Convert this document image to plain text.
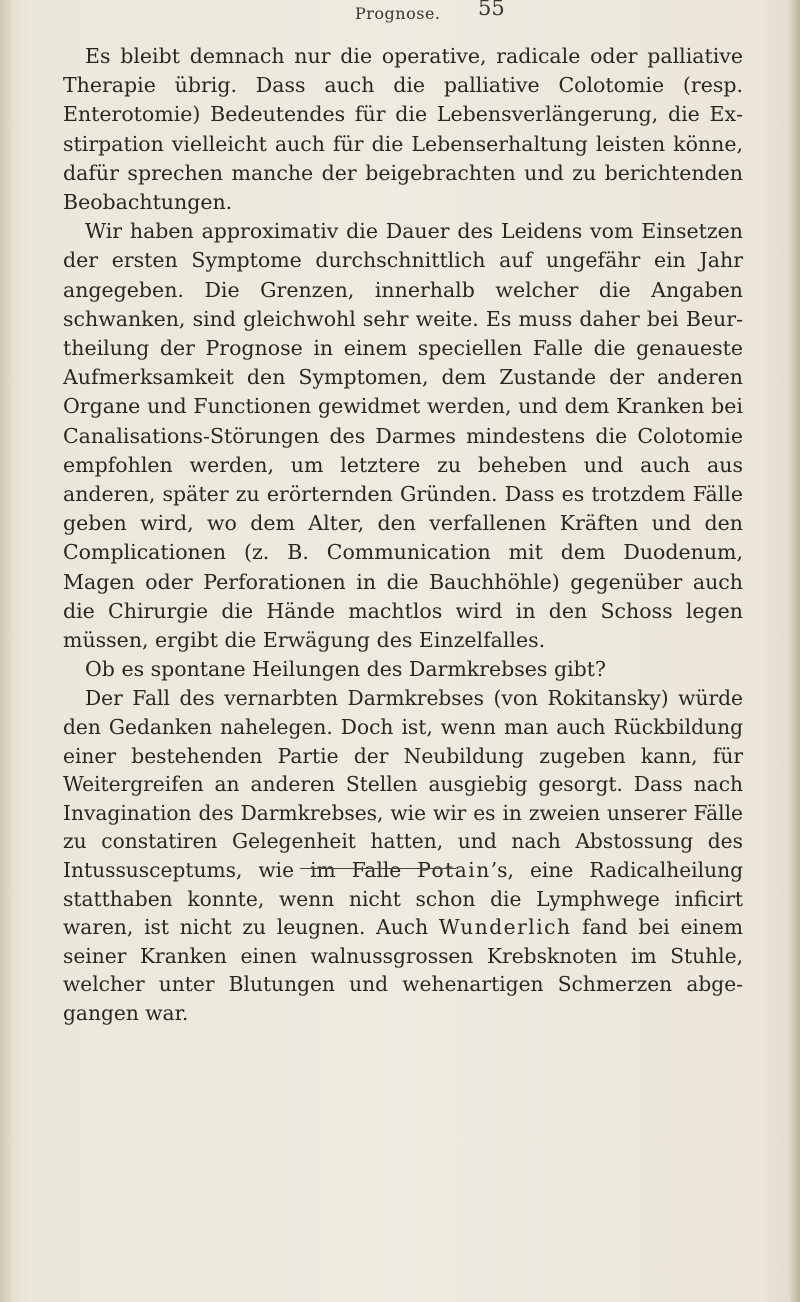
Prognose. 55

Es bleibt demnach nur die operative, radicale oder palliative Therapie übrig. Dass auch die palliative Colotomie (resp. Enterotomie) Bedeutendes für die Lebensverlängerung, die Exstirpation vielleicht auch für die Lebenserhaltung leisten könne, dafür sprechen manche der beigebrachten und zu berichtenden Beobachtungen.

Wir haben approximativ die Dauer des Leidens vom Einsetzen der ersten Symptome durchschnittlich auf ungefähr ein Jahr angegeben. Die Grenzen, innerhalb welcher die Angaben schwanken, sind gleichwohl sehr weite. Es muss daher bei Beurtheilung der Prognose in einem speciellen Falle die genaueste Aufmerksamkeit den Symptomen, dem Zustande der anderen Organe und Functionen gewidmet werden, und dem Kranken bei Canalisations-Störungen des Darmes mindestens die Colotomie empfohlen werden, um letztere zu beheben und auch aus anderen, später zu erörternden Gründen. Dass es trotzdem Fälle geben wird, wo dem Alter, den verfallenen Kräften und den Complicationen (z. B. Communication mit dem Duodenum, Magen oder Perforationen in die Bauchhöhle) gegenüber auch die Chirurgie die Hände machtlos wird in den Schoss legen müssen, ergibt die Erwägung des Einzelfalles.

Ob es spontane Heilungen des Darmkrebses gibt?

Der Fall des vernarbten Darmkrebses (von Rokitansky) würde den Gedanken nahelegen. Doch ist, wenn man auch Rückbildung einer bestehenden Partie der Neubildung zugeben kann, für Weitergreifen an anderen Stellen ausgiebig gesorgt. Dass nach Invagination des Darmkrebses, wie wir es in zweien unserer Fälle zu constatiren Gelegenheit hatten, und nach Abstossung des Intussusceptums, wie im Falle Potain’s, eine Radicalheilung statthaben konnte, wenn nicht schon die Lymphwege inficirt waren, ist nicht zu leugnen. Auch Wunderlich fand bei einem seiner Kranken einen walnussgrossen Krebsknoten im Stuhle, welcher unter Blutungen und wehenartigen Schmerzen abgegangen war.
